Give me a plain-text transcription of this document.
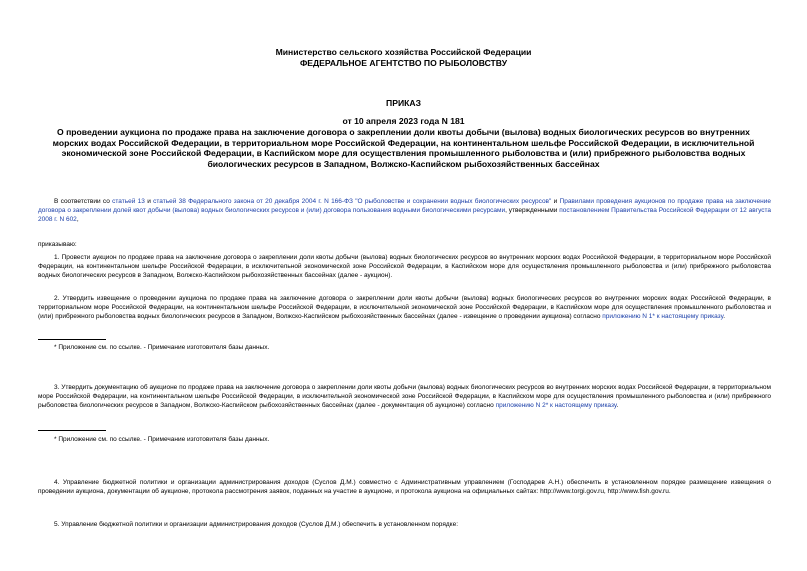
Министерство сельского хозяйства Российской Федерации
ФЕДЕРАЛЬНОЕ АГЕНТСТВО ПО РЫБОЛОВСТВУ
ПРИКАЗ
от 10 апреля 2023 года N 181
О проведении аукциона по продаже права на заключение договора о закреплении доли квоты добычи (вылова) водных биологических ресурсов во внутренних морских водах Российской Федерации, в территориальном море Российской Федерации, на континентальном шельфе Российской Федерации, в исключительной экономической зоне Российской Федерации, в Каспийском море для осуществления промышленного рыболовства и (или) прибрежного рыболовства водных биологических ресурсов в Западном, Волжско-Каспийском рыбохозяйственных бассейнах
В соответствии со статьей 13 и статьей 38 Федерального закона от 20 декабря 2004 г. N 166-ФЗ "О рыболовстве и сохранении водных биологических ресурсов" и Правилами проведения аукционов по продаже права на заключение договора о закреплении долей квот добычи (вылова) водных биологических ресурсов и (или) договора пользования водными биологическими ресурсами, утвержденными постановлением Правительства Российской Федерации от 12 августа 2008 г. N 602,
приказываю:
1. Провести аукцион по продаже права на заключение договора о закреплении доли квоты добычи (вылова) водных биологических ресурсов во внутренних морских водах Российской Федерации, в территориальном море Российской Федерации, на континентальном шельфе Российской Федерации, в исключительной экономической зоне Российской Федерации, в Каспийском море для осуществления промышленного рыболовства и (или) прибрежного рыболовства водных биологических ресурсов в Западном, Волжско-Каспийском рыбохозяйственных бассейнах (далее - аукцион).
2. Утвердить извещение о проведении аукциона по продаже права на заключение договора о закреплении доли квоты добычи (вылова) водных биологических ресурсов во внутренних морских водах Российской Федерации, в территориальном море Российской Федерации, на континентальном шельфе Российской Федерации, в исключительной экономической зоне Российской Федерации, в Каспийском море для осуществления промышленного рыболовства и (или) прибрежного рыболовства водных биологических ресурсов в Западном, Волжско-Каспийском рыбохозяйственных бассейнах (далее - извещение о проведении аукциона) согласно приложению N 1* к настоящему приказу.
* Приложение см. по ссылке. - Примечание изготовителя базы данных.
3. Утвердить документацию об аукционе по продаже права на заключение договора о закреплении доли квоты добычи (вылова) водных биологических ресурсов во внутренних морских водах Российской Федерации, в территориальном море Российской Федерации, на континентальном шельфе Российской Федерации, в исключительной экономической зоне Российской Федерации, в Каспийском море для осуществления промышленного рыболовства и (или) прибрежного рыболовства биологических ресурсов в Западном, Волжско-Каспийском рыбохозяйственных бассейнах (далее - документация об аукционе) согласно приложению N 2* к настоящему приказу.
* Приложение см. по ссылке. - Примечание изготовителя базы данных.
4. Управление бюджетной политики и организации администрирования доходов (Суслов Д.М.) совместно с Административным управлением (Господарев А.Н.) обеспечить в установленном порядке размещение извещения о проведении аукциона, документации об аукционе, протокола рассмотрения заявок, поданных на участие в аукционе, и протокола аукциона на официальных сайтах: http://www.torgi.gov.ru, http://www.fish.gov.ru.
5. Управление бюджетной политики и организации администрирования доходов (Суслов Д.М.) обеспечить в установленном порядке:
